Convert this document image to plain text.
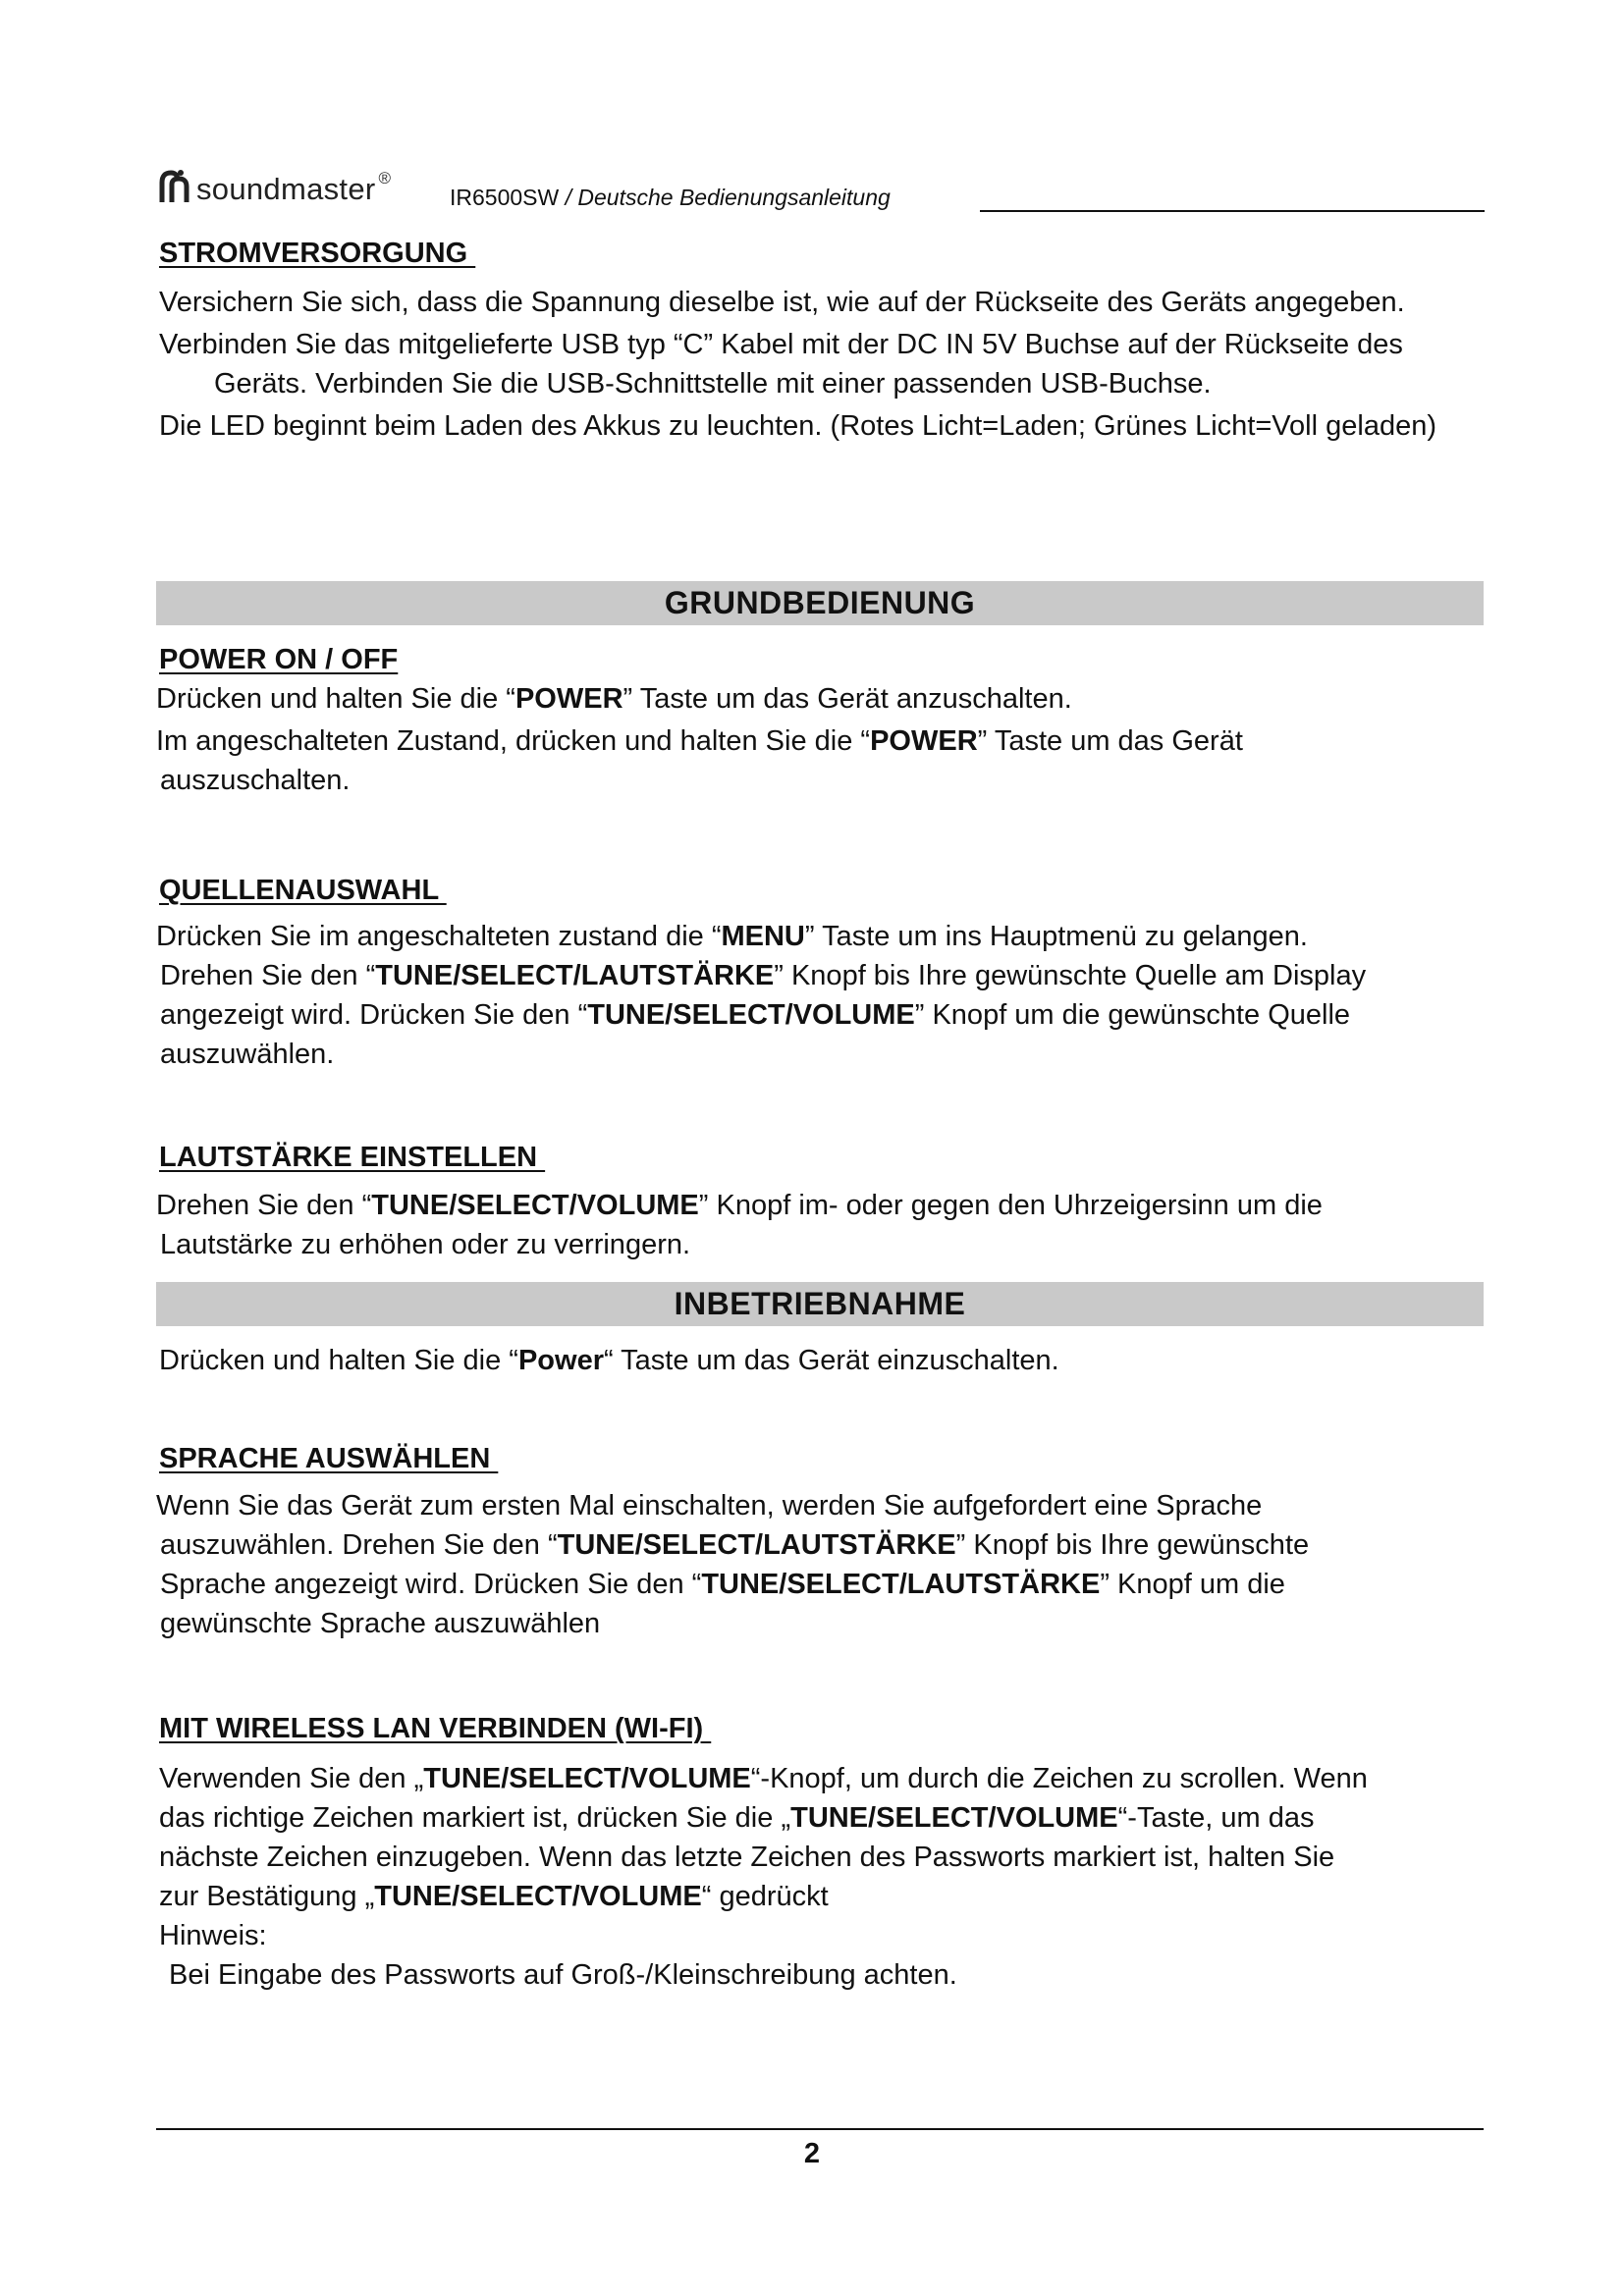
soundmaster ®
IR6500SW / Deutsche Bedienungsanleitung
STROMVERSORGUNG
Versichern Sie sich, dass die Spannung dieselbe ist, wie auf der Rückseite des Geräts angegeben.
Verbinden Sie das mitgelieferte USB typ “C” Kabel mit der DC IN 5V Buchse auf der Rückseite des Geräts. Verbinden Sie die USB-Schnittstelle mit einer passenden USB-Buchse.
Die LED beginnt beim Laden des Akkus zu leuchten. (Rotes Licht=Laden; Grünes Licht=Voll geladen)
GRUNDBEDIENUNG
POWER ON / OFF
Drücken und halten Sie die “POWER” Taste um das Gerät anzuschalten.
Im angeschalteten Zustand, drücken und halten Sie die “POWER” Taste um das Gerät
auszuschalten.
QUELLENAUSWAHL
Drücken Sie im angeschalteten zustand die “MENU” Taste um ins Hauptmenü zu gelangen.
Drehen Sie den “TUNE/SELECT/LAUTSTÄRKE” Knopf bis Ihre gewünschte Quelle am Display
angezeigt wird. Drücken Sie den “TUNE/SELECT/VOLUME” Knopf um die gewünschte Quelle
auszuwählen.
LAUTSTÄRKE EINSTELLEN
Drehen Sie den “TUNE/SELECT/VOLUME” Knopf im- oder gegen den Uhrzeigersinn um die
Lautstärke zu erhöhen oder zu verringern.
INBETRIEBNAHME
Drücken und halten Sie die “Power“ Taste um das Gerät einzuschalten.
SPRACHE AUSWÄHLEN
Wenn Sie das Gerät zum ersten Mal einschalten, werden Sie aufgefordert eine Sprache
auszuwählen. Drehen Sie den “TUNE/SELECT/LAUTSTÄRKE” Knopf bis Ihre gewünschte
Sprache angezeigt wird. Drücken Sie den “TUNE/SELECT/LAUTSTÄRKE” Knopf um die
gewünschte Sprache auszuwählen
MIT WIRELESS LAN VERBINDEN (WI-FI)
Verwenden Sie den „TUNE/SELECT/VOLUME“-Knopf, um durch die Zeichen zu scrollen. Wenn
das richtige Zeichen markiert ist, drücken Sie die „TUNE/SELECT/VOLUME“-Taste, um das
nächste Zeichen einzugeben. Wenn das letzte Zeichen des Passworts markiert ist, halten Sie
zur Bestätigung „TUNE/SELECT/VOLUME“ gedrückt
Hinweis:
Bei Eingabe des Passworts auf Groß-/Kleinschreibung achten.
2
